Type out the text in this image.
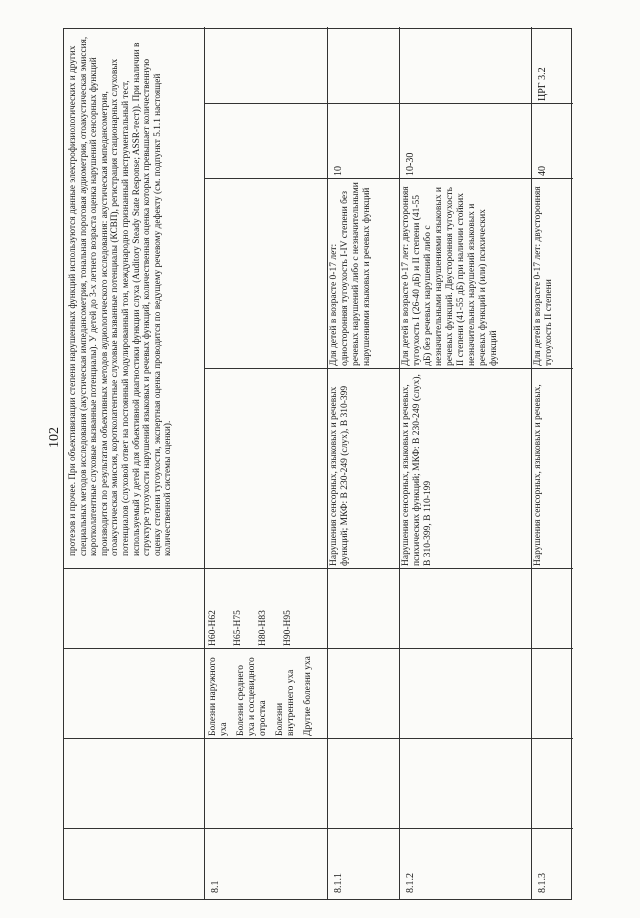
102 протезов и прочее. При объективизации степени нарушенных функций используются данные электрофизиологических и других специальных методов исследования (акустическая импедансометрия, тональная пороговая аудиометрия, отоакустическая эмиссия, коротколатентные слуховые вызванные потенциалы). У детей до 3-х летнего возраста оценка нарушений сенсорных функций производится по результатам объективных методов аудиологического исследования: акустическая импедансометрия, отоакустическая эмиссия, коротколатентные слуховые вызванные потенциалы (КСВП), регистрация стационарных слуховых потенциалов (слуховой ответ на постоянный модулированный тон, международно признанный инструментальный тест, используемый у детей для объективной диагностики функции слуха (Auditory Steady State Response; ASSR-тест)). При наличии в структуре тугоухости нарушений языковых и речевых функций, количественная оценка которых превышает количественную оценку степени тугоухости, экспертная оценка проводится по ведущему речевому дефекту (см. подпункт 5.1.1 настоящей количественной системы оценки).
8.1
Болезни наружного уха Болезни среднего уха и сосцевидного отростка Болезни внутреннего уха Другие болезни уха
H60-H62 H65-H75 H80-H83 H90-H95
8.1.1
Нарушения сенсорных, языковых и речевых функций; МКФ: В 230-249 (слух), В 310-399
Для детей в возрасте 0-17 лет: односторонняя тугоухость I-IV степени без речевых нарушений либо с незначительными нарушениями языковых и речевых функций
10
8.1.2
Нарушения сенсорных, языковых и речевых, психических функций; МКФ: В 230-249 (слух), В 310-399, В 110-199
Для детей в возрасте 0-17 лет: двусторонняя тугоухость I (26-40 дБ) и II степени (41-55 дБ) без речевых нарушений либо с незначительными нарушениями языковых и речевых функций. Двусторонняя тугоухость II степени (41-55 дБ) при наличии стойких незначительных нарушений языковых и речевых функций и (или) психических функций
10-30
8.1.3
Нарушения сенсорных, языковых и речевых,
Для детей в возрасте 0-17 лет: двусторонняя тугоухость II степени
40
ЦРГ 3.2
